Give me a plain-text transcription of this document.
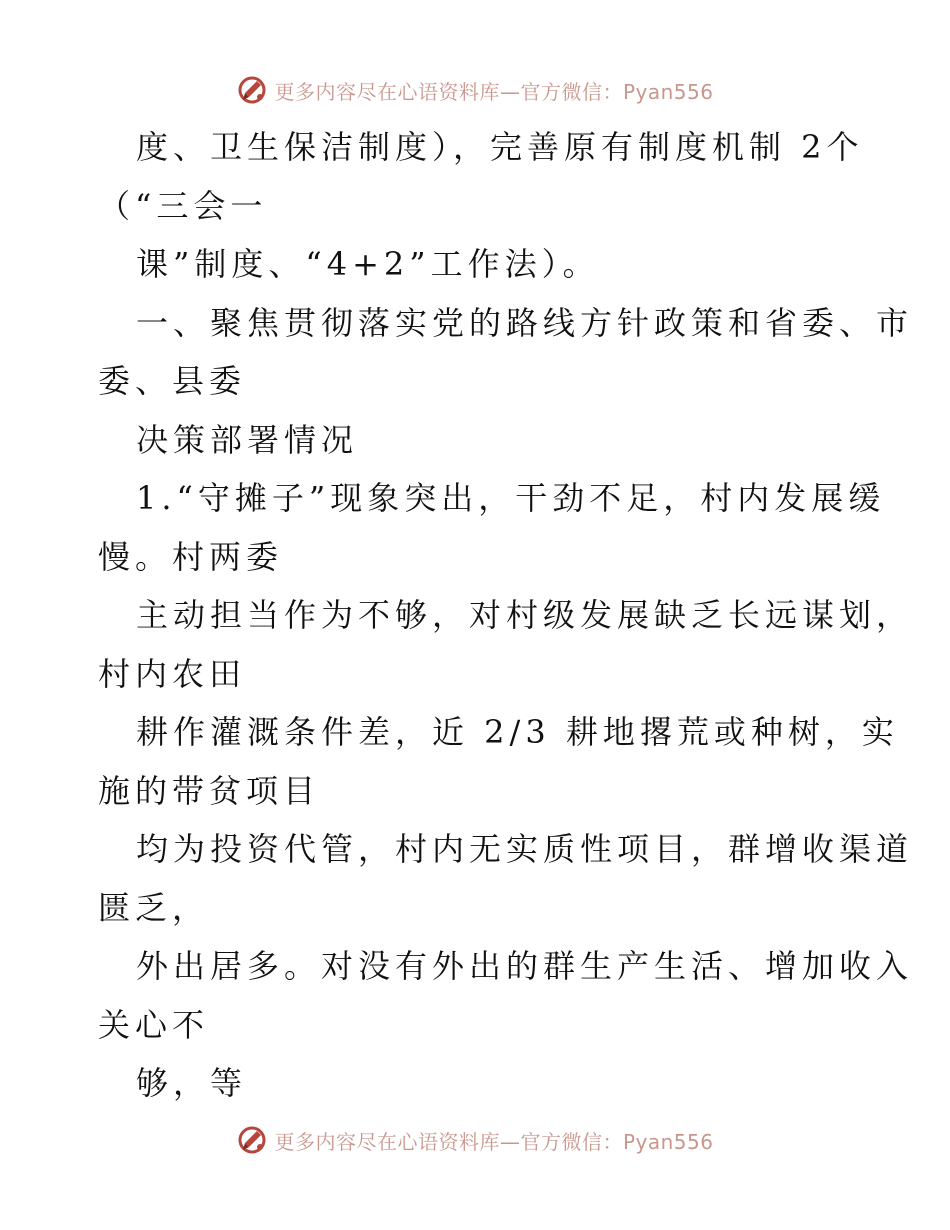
更多内容尽在心语资料库—官方微信：Pyan556
度、卫生保洁制度），完善原有制度机制 2个
（“三会一
课”制度、“4+2”工作法）。
一、聚焦贯彻落实党的路线方针政策和省委、市
委、县委
决策部署情况
1.“守摊子”现象突出，干劲不足，村内发展缓
慢。村两委
主动担当作为不够，对村级发展缺乏长远谋划，
村内农田
耕作灌溉条件差，近 2/3 耕地撂荒或种树，实
施的带贫项目
均为投资代管，村内无实质性项目，群增收渠道
匮乏，
外出居多。对没有外出的群生产生活、增加收入
关心不
够，等
更多内容尽在心语资料库—官方微信：Pyan556
